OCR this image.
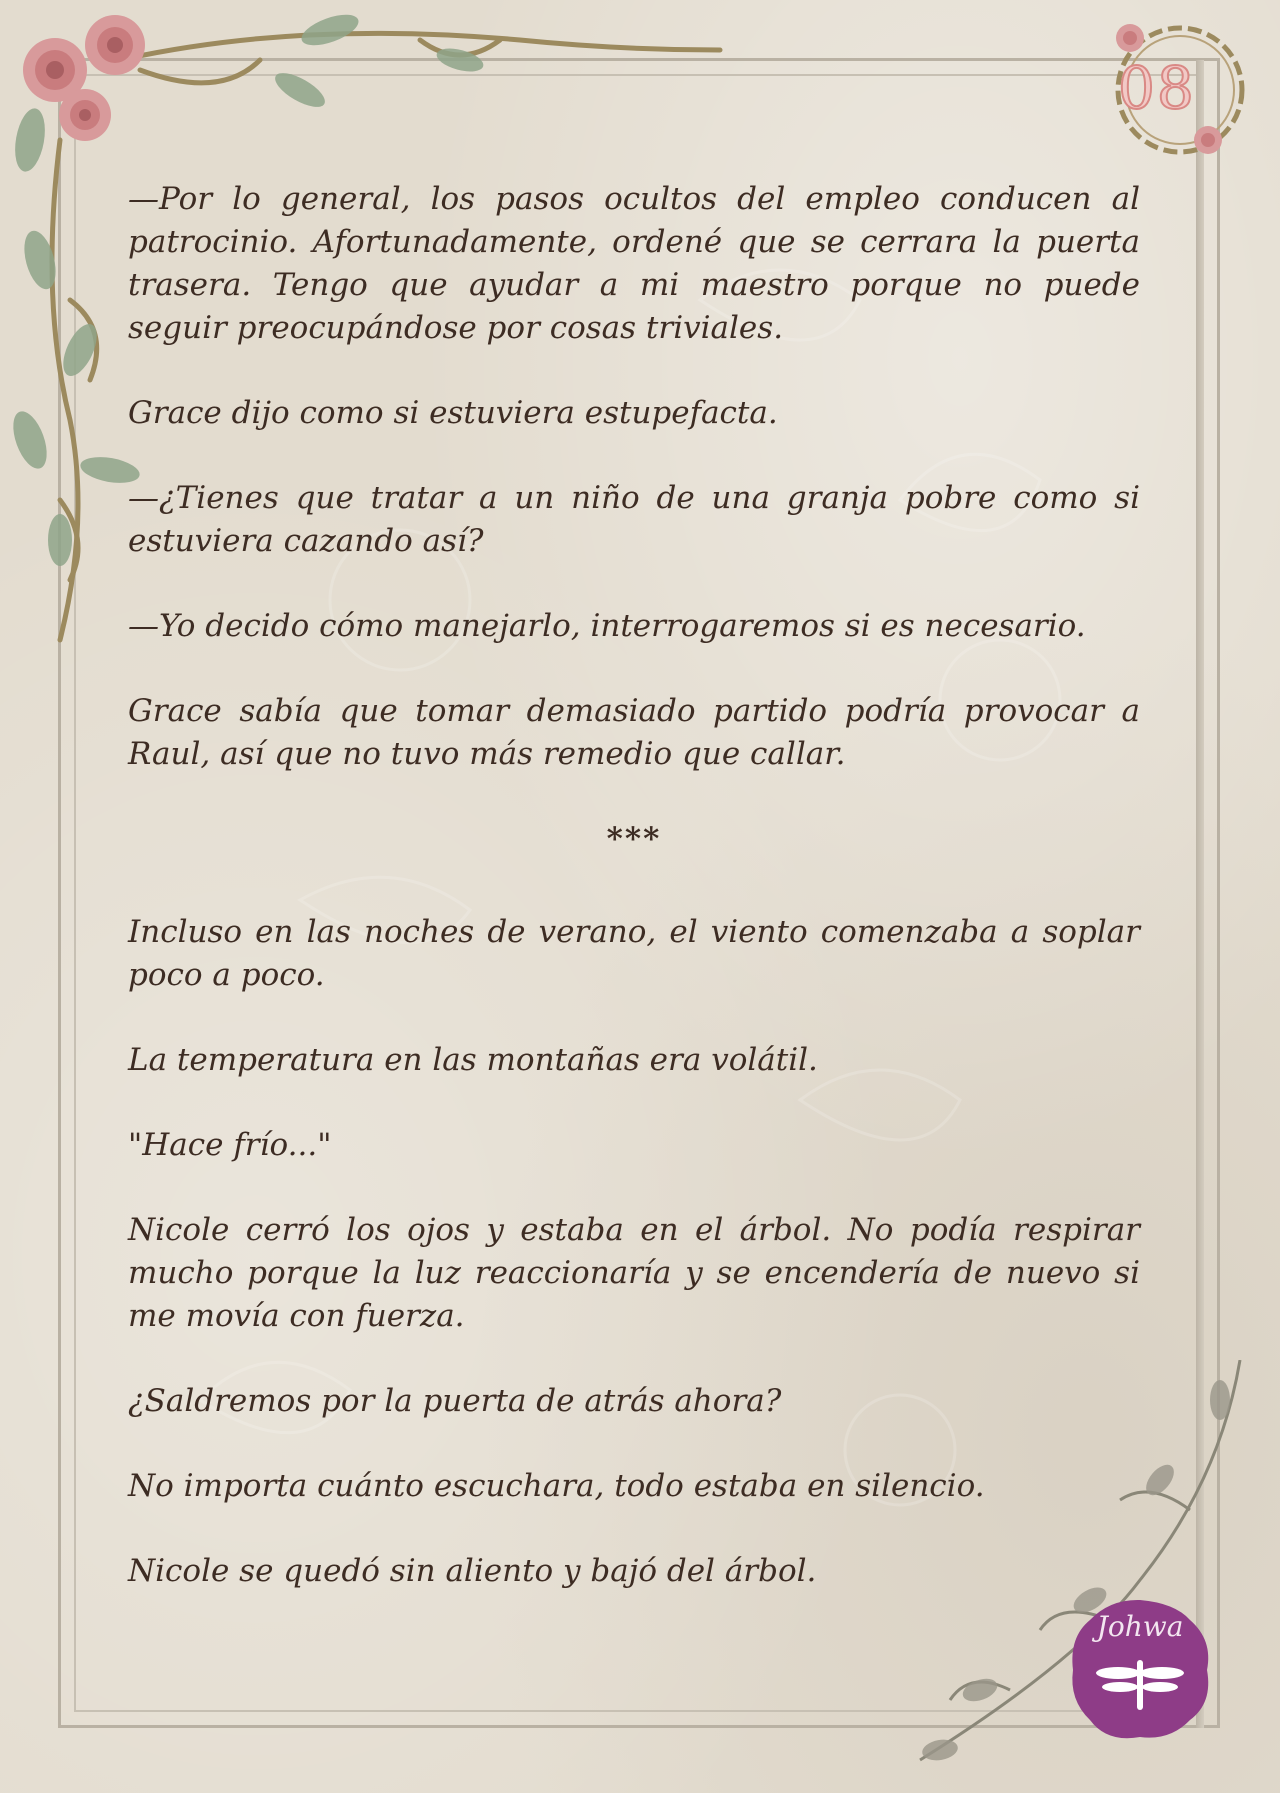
08
Johwa

—Por lo general, los pasos ocultos del empleo conducen al patrocinio. Afortunadamente, ordené que se cerrara la puerta trasera. Tengo que ayudar a mi maestro porque no puede seguir preocupándose por cosas triviales.

Grace dijo como si estuviera estupefacta.

—¿Tienes que tratar a un niño de una granja pobre como si estuviera cazando así?

—Yo decido cómo manejarlo, interrogaremos si es necesario.

Grace sabía que tomar demasiado partido podría provocar a Raul, así que no tuvo más remedio que callar.

***

Incluso en las noches de verano, el viento comenzaba a soplar poco a poco.

La temperatura en las montañas era volátil.

"Hace frío..."

Nicole cerró los ojos y estaba en el árbol. No podía respirar mucho porque la luz reaccionaría y se encendería de nuevo si me movía con fuerza.

¿Saldremos por la puerta de atrás ahora?

No importa cuánto escuchara, todo estaba en silencio.

Nicole se quedó sin aliento y bajó del árbol.
